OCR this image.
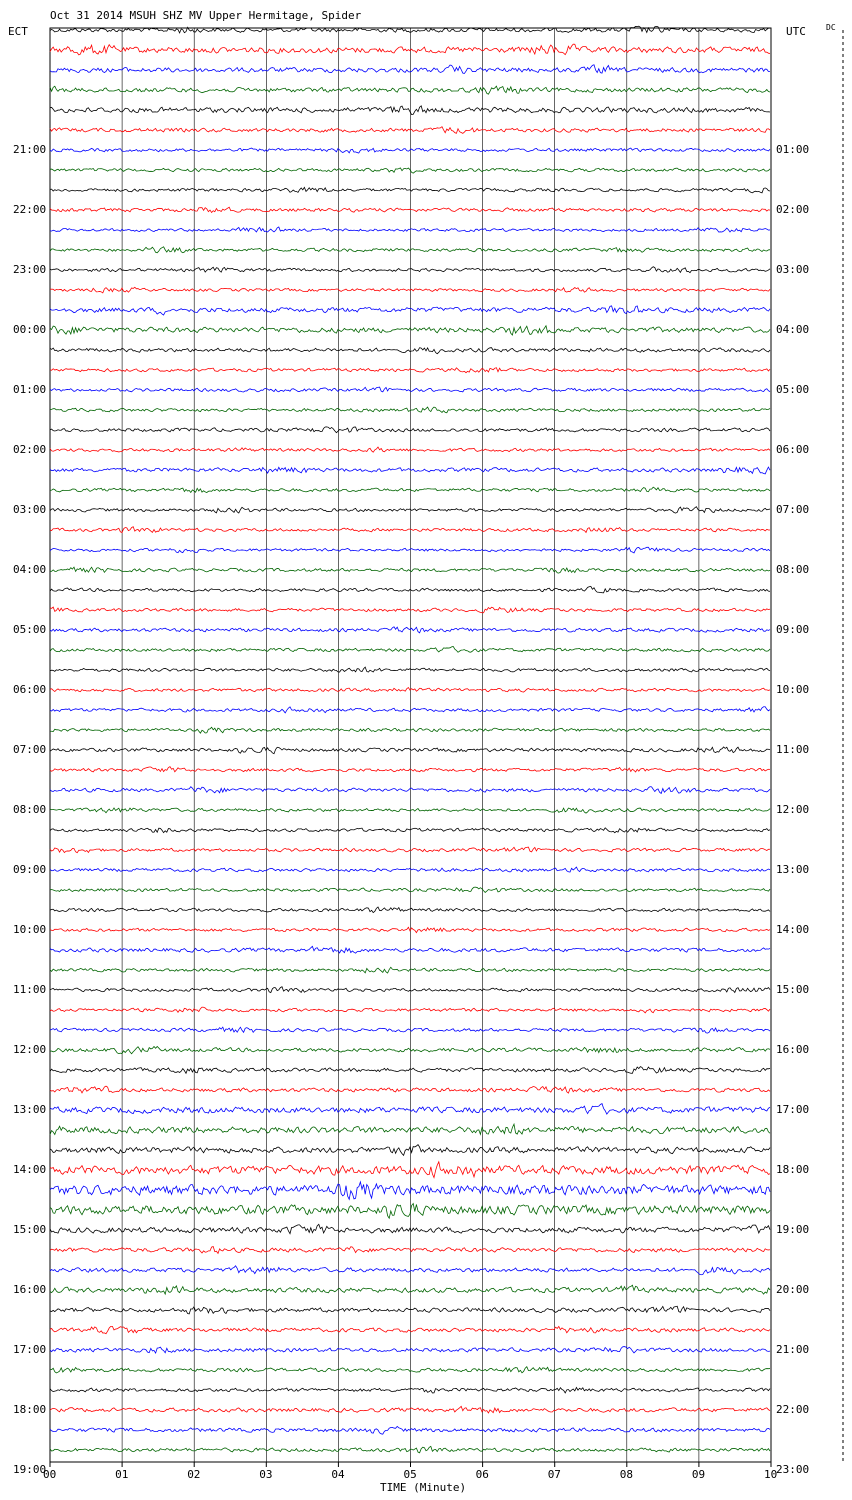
Oct 31 2014 MSUH SHZ MV Upper Hermitage, Spider
ECT	UTC	DC
21:00	01:00
22:00	02:00
23:00	03:00
00:00	04:00
01:00	05:00
02:00	06:00
03:00	07:00
04:00	08:00
05:00	09:00
06:00	10:00
07:00	11:00
08:00	12:00
09:00	13:00
10:00	14:00
11:00	15:00
12:00	16:00
13:00	17:00
14:00	18:00
15:00	19:00
16:00	20:00
17:00	21:00
18:00	22:00
19:00	23:00
TIME (Minute)
00	01	02	03	04	05	06	07	08	09	10
